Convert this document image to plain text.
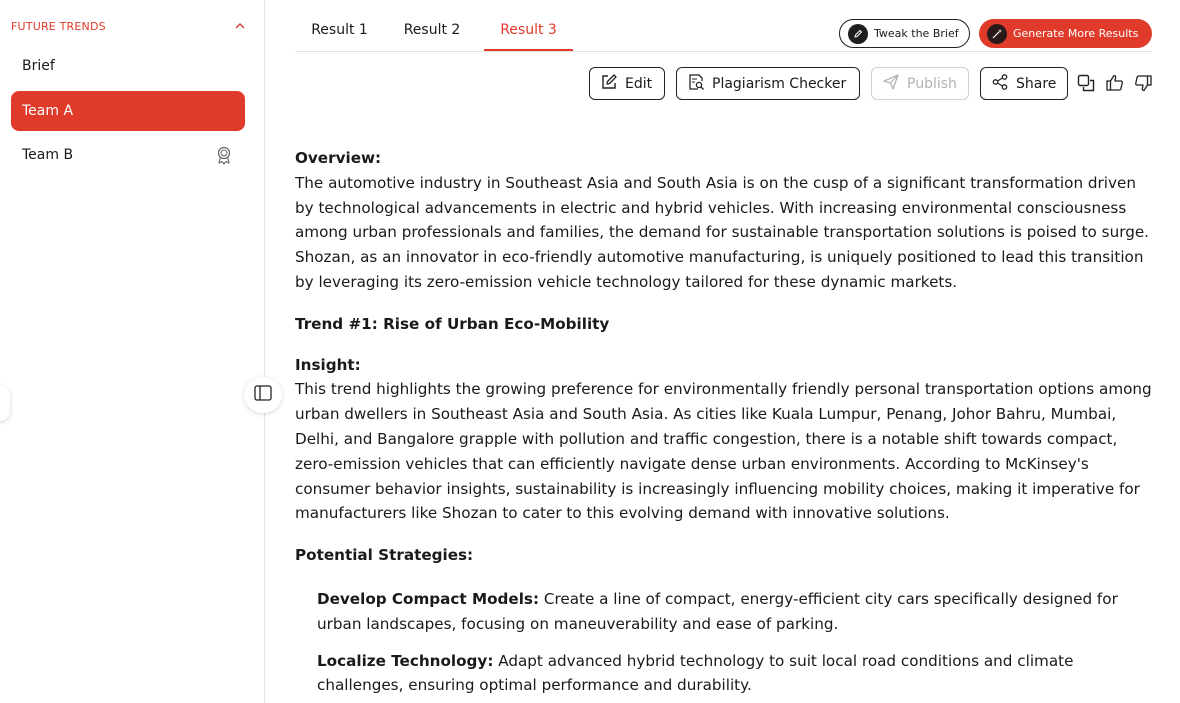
FUTURE TRENDS
Brief
Team A
Team B
Result 1	Result 2	Result 3	Tweak the Brief	Generate More Results
Edit	Plagiarism Checker	Publish	Share

Overview:

The automotive industry in Southeast Asia and South Asia is on the cusp of a significant transformation driven by technological advancements in electric and hybrid vehicles. With increasing environmental consciousness among urban professionals and families, the demand for sustainable transportation solutions is poised to surge. Shozan, as an innovator in eco-friendly automotive manufacturing, is uniquely positioned to lead this transition by leveraging its zero-emission vehicle technology tailored for these dynamic markets.

Trend #1: Rise of Urban Eco-Mobility

Insight:

This trend highlights the growing preference for environmentally friendly personal transportation options among urban dwellers in Southeast Asia and South Asia. As cities like Kuala Lumpur, Penang, Johor Bahru, Mumbai, Delhi, and Bangalore grapple with pollution and traffic congestion, there is a notable shift towards compact, zero-emission vehicles that can efficiently navigate dense urban environments. According to McKinsey's consumer behavior insights, sustainability is increasingly influencing mobility choices, making it imperative for manufacturers like Shozan to cater to this evolving demand with innovative solutions.

Potential Strategies:

Develop Compact Models: Create a line of compact, energy-efficient city cars specifically designed for urban landscapes, focusing on maneuverability and ease of parking.

Localize Technology: Adapt advanced hybrid technology to suit local road conditions and climate challenges, ensuring optimal performance and durability.
